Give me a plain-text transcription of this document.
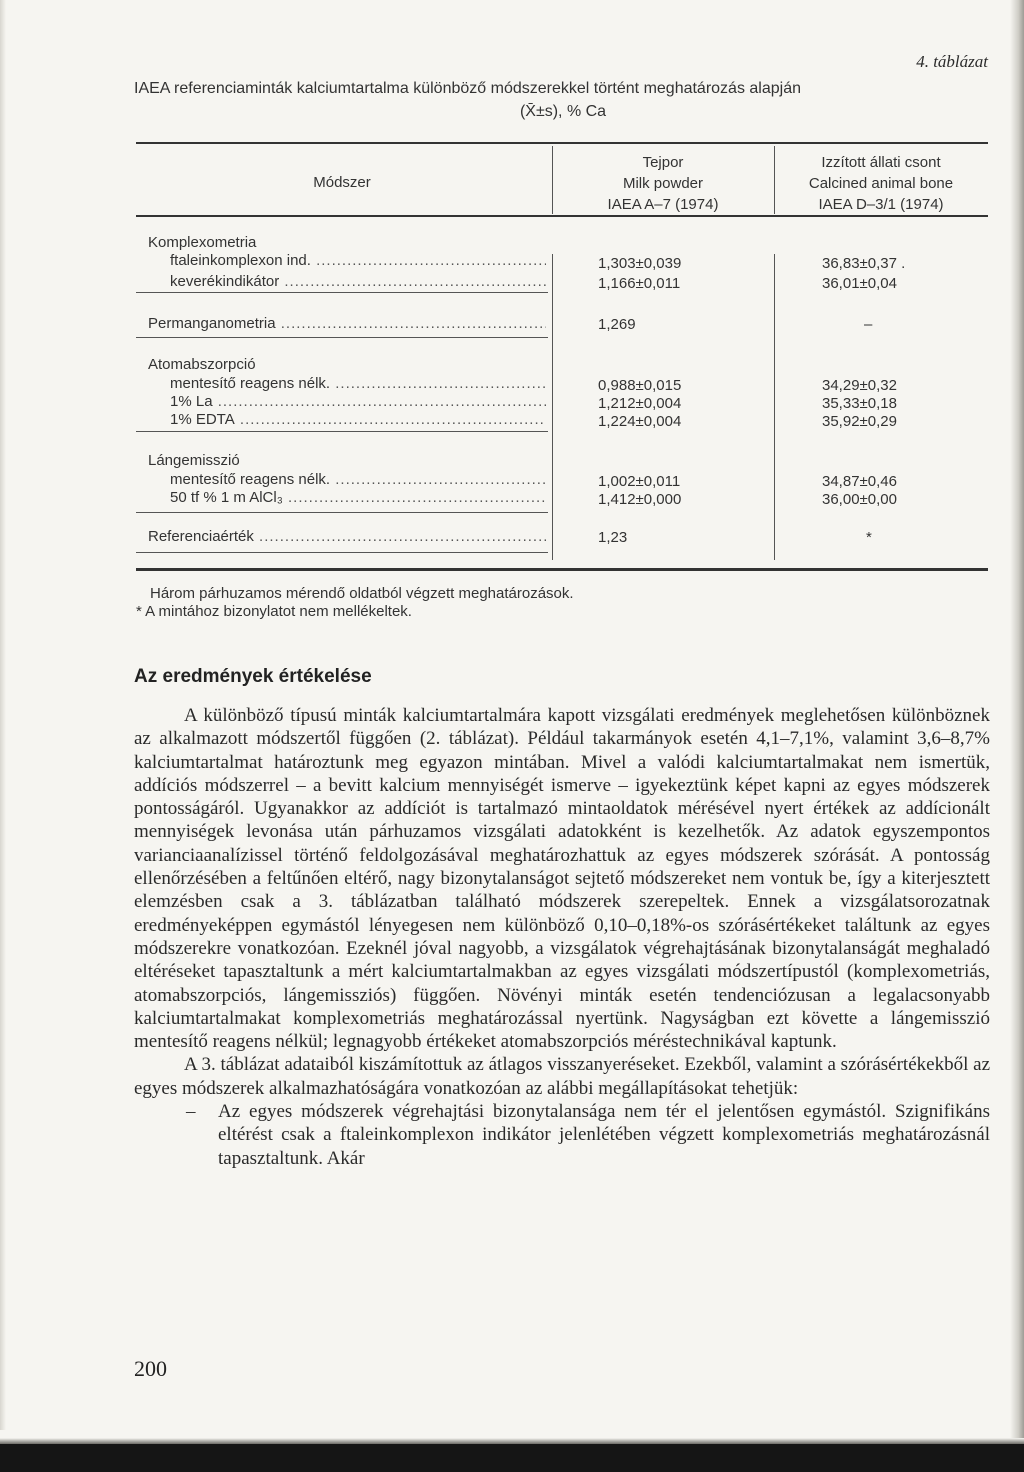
4. táblázat
IAEA referenciaminták kalciumtartalma különböző módszerekkel történt meghatározás alapján
(X̄±s), % Ca
Módszer
Tejpor
Milk powder
IAEA A–7 (1974)
Izzított állati csont
Calcined animal bone
IAEA D–3/1 (1974)
Komplexometria
ftaleinkomplexon ind. .....	1,303±0,039	36,83±0,37 .
keverékindikátor .....	1,166±0,011	36,01±0,04
Permanganometria .....	1,269	–
Atomabszorpció
mentesítő reagens nélk. .....	0,988±0,015	34,29±0,32
1% La .....	1,212±0,004	35,33±0,18
1% EDTA .....	1,224±0,004	35,92±0,29
Lángemisszió
mentesítő reagens nélk. .....	1,002±0,011	34,87±0,46
50 tf % 1 m AlCl₃ .....	1,412±0,000	36,00±0,00
Referenciaérték .....	1,23	*
Három párhuzamos mérendő oldatból végzett meghatározások.
* A mintához bizonylatot nem mellékeltek.
Az eredmények értékelése

A különböző típusú minták kalciumtartalmára kapott vizsgálati eredmények meglehetősen különböznek az alkalmazott módszertől függően (2. táblázat). Például takarmányok esetén 4,1–7,1%, valamint 3,6–8,7% kalciumtartalmat határoztunk meg egyazon mintában. Mivel a valódi kalciumtartalmakat nem ismertük, addíciós módszerrel – a bevitt kalcium mennyiségét ismerve – igyekeztünk képet kapni az egyes módszerek pontosságáról. Ugyanakkor az addíciót is tartalmazó mintaoldatok mérésével nyert értékek az addícionált mennyiségek levonása után párhuzamos vizsgálati adatokként is kezelhetők. Az adatok egyszempontos varianciaanalízissel történő feldolgozásával meghatározhattuk az egyes módszerek szórását. A pontosság ellenőrzésében a feltűnően eltérő, nagy bizonytalanságot sejtető módszereket nem vontuk be, így a kiterjesztett elemzésben csak a 3. táblázatban található módszerek szerepeltek. Ennek a vizsgálatsorozatnak eredményeképpen egymástól lényegesen nem különböző 0,10–0,18%-os szórásértékeket találtunk az egyes módszerekre vonatkozóan. Ezeknél jóval nagyobb, a vizsgálatok végrehajtásának bizonytalanságát meghaladó eltéréseket tapasztaltunk a mért kalciumtartalmakban az egyes vizsgálati módszertípustól (komplexometriás, atomabszorpciós, lángemissziós) függően. Növényi minták esetén tendenciózusan a legalacsonyabb kalciumtartalmakat komplexometriás meghatározással nyertünk. Nagyságban ezt követte a lángemisszió mentesítő reagens nélkül; legnagyobb értékeket atomabszorpciós méréstechnikával kaptunk.

A 3. táblázat adataiból kiszámítottuk az átlagos visszanyeréseket. Ezekből, valamint a szórásértékekből az egyes módszerek alkalmazhatóságára vonatkozóan az alábbi megállapításokat tehetjük:

– Az egyes módszerek végrehajtási bizonytalansága nem tér el jelentősen egymástól. Szignifikáns eltérést csak a ftaleinkomplexon indikátor jelenlétében végzett komplexometriás meghatározásnál tapasztaltunk. Akár

200
